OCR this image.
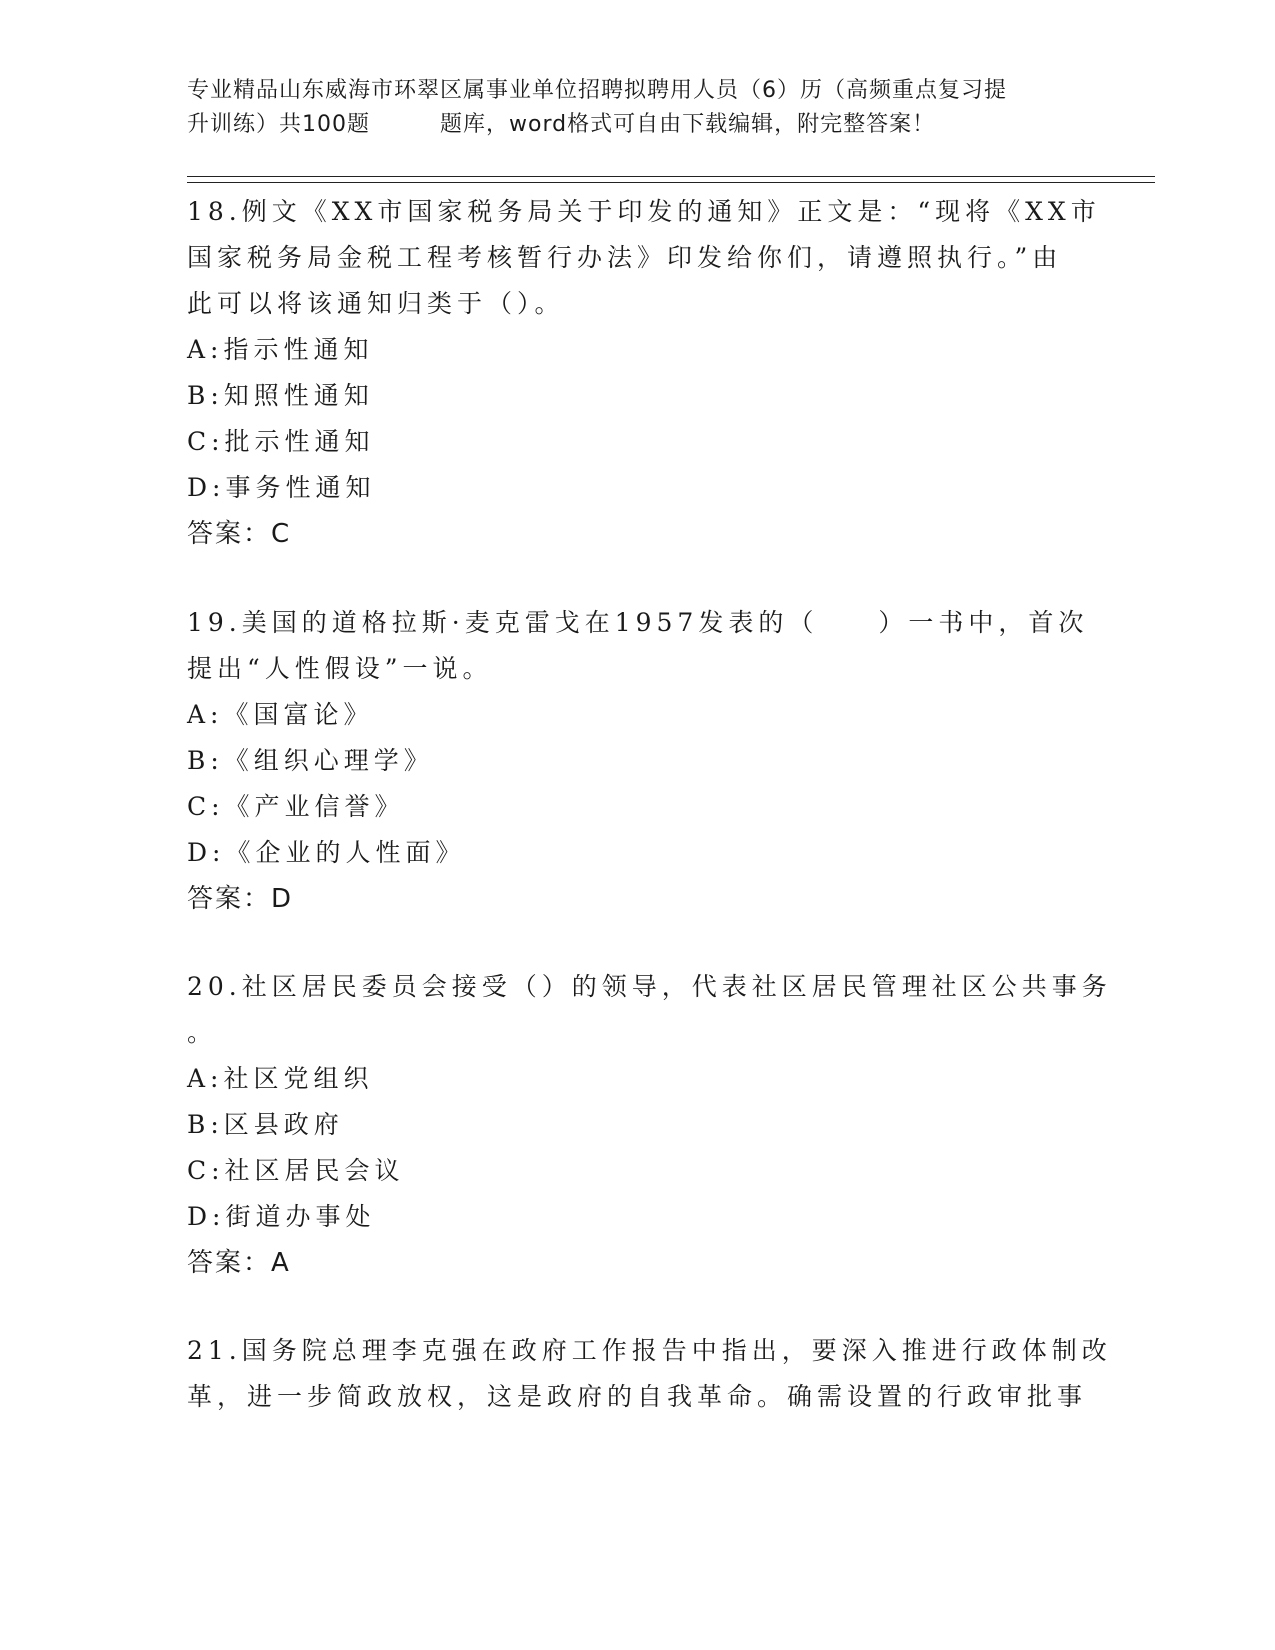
专业精品山东威海市环翠区属事业单位招聘拟聘用人员（6）历（高频重点复习提
升训练）共100题	题库，word格式可自由下载编辑，附完整答案！
18.例文《XX市国家税务局关于印发的通知》正文是：“现将《XX市
国家税务局金税工程考核暂行办法》印发给你们，请遵照执行。”由
此可以将该通知归类于（）。
A:指示性通知
B:知照性通知
C:批示性通知
D:事务性通知
答案：C
19.美国的道格拉斯·麦克雷戈在1957发表的（　　）一书中，首次
提出“人性假设”一说。
A:《国富论》
B:《组织心理学》
C:《产业信誉》
D:《企业的人性面》
答案：D
20.社区居民委员会接受（）的领导，代表社区居民管理社区公共事务
。
A:社区党组织
B:区县政府
C:社区居民会议
D:街道办事处
答案：A
21.国务院总理李克强在政府工作报告中指出，要深入推进行政体制改
革，进一步简政放权，这是政府的自我革命。确需设置的行政审批事
